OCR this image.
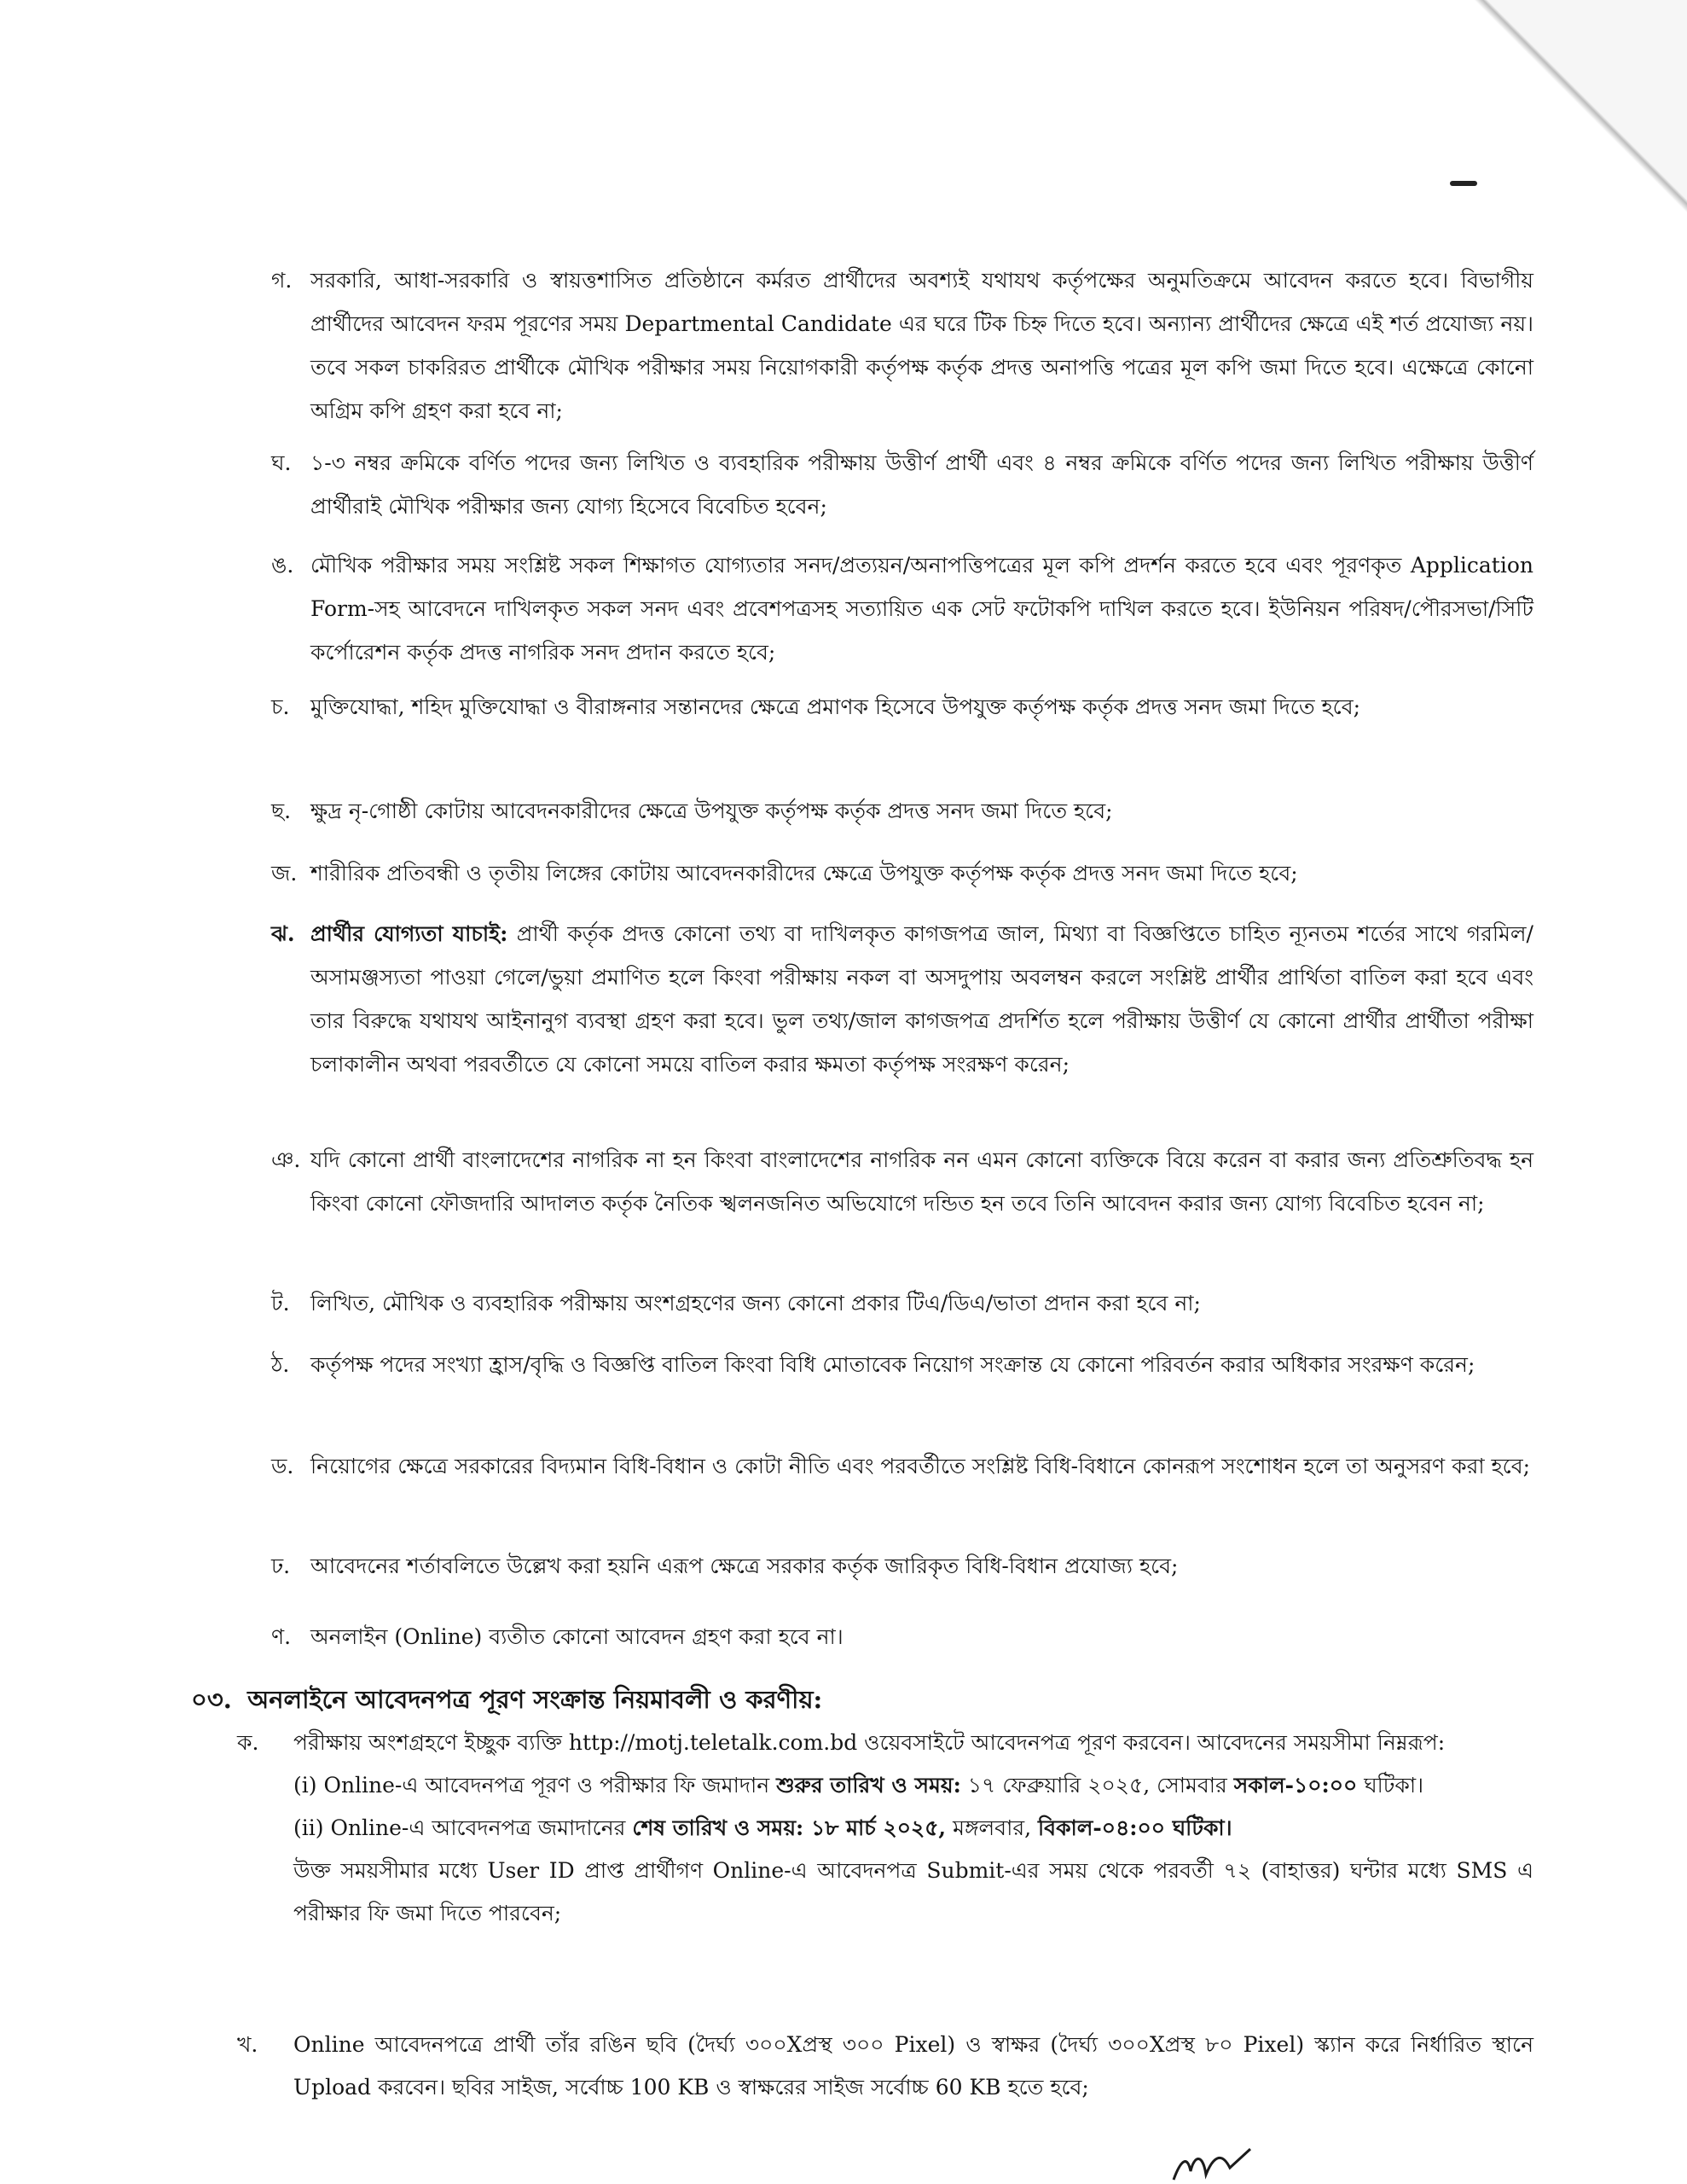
গ. সরকারি, আধা-সরকারি ও স্বায়ত্তশাসিত প্রতিষ্ঠানে কর্মরত প্রার্থীদের অবশ্যই যথাযথ কর্তৃপক্ষের অনুমতিক্রমে আবেদন করতে হবে। বিভাগীয় প্রার্থীদের আবেদন ফরম পূরণের সময় Departmental Candidate এর ঘরে টিক চিহ্ন দিতে হবে। অন্যান্য প্রার্থীদের ক্ষেত্রে এই শর্ত প্রযোজ্য নয়। তবে সকল চাকরিরত প্রার্থীকে মৌখিক পরীক্ষার সময় নিয়োগকারী কর্তৃপক্ষ কর্তৃক প্রদত্ত অনাপত্তি পত্রের মূল কপি জমা দিতে হবে। এক্ষেত্রে কোনো অগ্রিম কপি গ্রহণ করা হবে না;
ঘ. ১-৩ নম্বর ক্রমিকে বর্ণিত পদের জন্য লিখিত ও ব্যবহারিক পরীক্ষায় উত্তীর্ণ প্রার্থী এবং ৪ নম্বর ক্রমিকে বর্ণিত পদের জন্য লিখিত পরীক্ষায় উত্তীর্ণ প্রার্থীরাই মৌখিক পরীক্ষার জন্য যোগ্য হিসেবে বিবেচিত হবেন;
ঙ. মৌখিক পরীক্ষার সময় সংশ্লিষ্ট সকল শিক্ষাগত যোগ্যতার সনদ/প্রত্যয়ন/অনাপত্তিপত্রের মূল কপি প্রদর্শন করতে হবে এবং পূরণকৃত Application Form-সহ আবেদনে দাখিলকৃত সকল সনদ এবং প্রবেশপত্রসহ সত্যায়িত এক সেট ফটোকপি দাখিল করতে হবে। ইউনিয়ন পরিষদ/পৌরসভা/সিটি কর্পোরেশন কর্তৃক প্রদত্ত নাগরিক সনদ প্রদান করতে হবে;
চ. মুক্তিযোদ্ধা, শহিদ মুক্তিযোদ্ধা ও বীরাঙ্গনার সন্তানদের ক্ষেত্রে প্রমাণক হিসেবে উপযুক্ত কর্তৃপক্ষ কর্তৃক প্রদত্ত সনদ জমা দিতে হবে;
ছ. ক্ষুদ্র নৃ-গোষ্ঠী কোটায় আবেদনকারীদের ক্ষেত্রে উপযুক্ত কর্তৃপক্ষ কর্তৃক প্রদত্ত সনদ জমা দিতে হবে;
জ. শারীরিক প্রতিবন্ধী ও তৃতীয় লিঙ্গের কোটায় আবেদনকারীদের ক্ষেত্রে উপযুক্ত কর্তৃপক্ষ কর্তৃক প্রদত্ত সনদ জমা দিতে হবে;
ঝ. প্রার্থীর যোগ্যতা যাচাই: প্রার্থী কর্তৃক প্রদত্ত কোনো তথ্য বা দাখিলকৃত কাগজপত্র জাল, মিথ্যা বা বিজ্ঞপ্তিতে চাহিত ন্যূনতম শর্তের সাথে গরমিল/অসামঞ্জস্যতা পাওয়া গেলে/ভুয়া প্রমাণিত হলে কিংবা পরীক্ষায় নকল বা অসদুপায় অবলম্বন করলে সংশ্লিষ্ট প্রার্থীর প্রার্থিতা বাতিল করা হবে এবং তার বিরুদ্ধে যথাযথ আইনানুগ ব্যবস্থা গ্রহণ করা হবে। ভুল তথ্য/জাল কাগজপত্র প্রদর্শিত হলে পরীক্ষায় উত্তীর্ণ যে কোনো প্রার্থীর প্রার্থীতা পরীক্ষা চলাকালীন অথবা পরবর্তীতে যে কোনো সময়ে বাতিল করার ক্ষমতা কর্তৃপক্ষ সংরক্ষণ করেন;
ঞ. যদি কোনো প্রার্থী বাংলাদেশের নাগরিক না হন কিংবা বাংলাদেশের নাগরিক নন এমন কোনো ব্যক্তিকে বিয়ে করেন বা করার জন্য প্রতিশ্রুতিবদ্ধ হন কিংবা কোনো ফৌজদারি আদালত কর্তৃক নৈতিক স্খলনজনিত অভিযোগে দন্ডিত হন তবে তিনি আবেদন করার জন্য যোগ্য বিবেচিত হবেন না;
ট. লিখিত, মৌখিক ও ব্যবহারিক পরীক্ষায় অংশগ্রহণের জন্য কোনো প্রকার টিএ/ডিএ/ভাতা প্রদান করা হবে না;
ঠ. কর্তৃপক্ষ পদের সংখ্যা হ্রাস/বৃদ্ধি ও বিজ্ঞপ্তি বাতিল কিংবা বিধি মোতাবেক নিয়োগ সংক্রান্ত যে কোনো পরিবর্তন করার অধিকার সংরক্ষণ করেন;
ড. নিয়োগের ক্ষেত্রে সরকারের বিদ্যমান বিধি-বিধান ও কোটা নীতি এবং পরবর্তীতে সংশ্লিষ্ট বিধি-বিধানে কোনরূপ সংশোধন হলে তা অনুসরণ করা হবে;
ঢ. আবেদনের শর্তাবলিতে উল্লেখ করা হয়নি এরূপ ক্ষেত্রে সরকার কর্তৃক জারিকৃত বিধি-বিধান প্রযোজ্য হবে;
ণ. অনলাইন (Online) ব্যতীত কোনো আবেদন গ্রহণ করা হবে না।
০৩. অনলাইনে আবেদনপত্র পূরণ সংক্রান্ত নিয়মাবলী ও করণীয়:
ক. পরীক্ষায় অংশগ্রহণে ইচ্ছুক ব্যক্তি http://motj.teletalk.com.bd ওয়েবসাইটে আবেদনপত্র পূরণ করবেন। আবেদনের সময়সীমা নিম্নরূপ:
(i) Online-এ আবেদনপত্র পূরণ ও পরীক্ষার ফি জমাদান শুরুর তারিখ ও সময়: ১৭ ফেব্রুয়ারি ২০২৫, সোমবার সকাল-১০:০০ ঘটিকা।
(ii) Online-এ আবেদনপত্র জমাদানের শেষ তারিখ ও সময়: ১৮ মার্চ ২০২৫, মঙ্গলবার, বিকাল-০৪:০০ ঘটিকা।
উক্ত সময়সীমার মধ্যে User ID প্রাপ্ত প্রার্থীগণ Online-এ আবেদনপত্র Submit-এর সময় থেকে পরবর্তী ৭২ (বাহাত্তর) ঘন্টার মধ্যে SMS এ পরীক্ষার ফি জমা দিতে পারবেন;
খ. Online আবেদনপত্রে প্রার্থী তাঁর রঙিন ছবি (দৈর্ঘ্য ৩০০Xপ্রস্থ ৩০০ Pixel) ও স্বাক্ষর (দৈর্ঘ্য ৩০০Xপ্রস্থ ৮০ Pixel) স্ক্যান করে নির্ধারিত স্থানে Upload করবেন। ছবির সাইজ, সর্বোচ্চ 100 KB ও স্বাক্ষরের সাইজ সর্বোচ্চ 60 KB হতে হবে;
